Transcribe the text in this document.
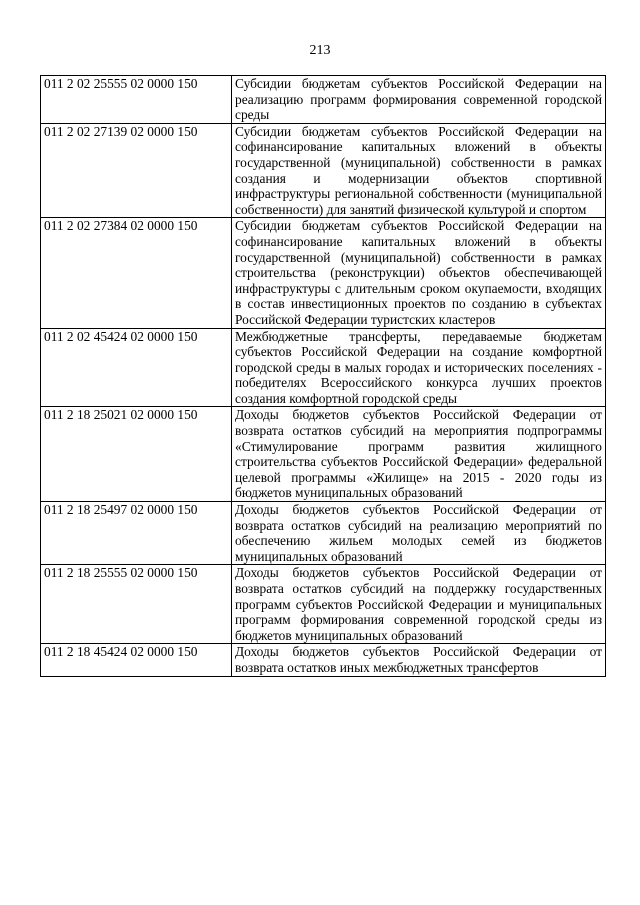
213
011 2 02 25555 02 0000 150	Субсидии бюджетам субъектов Российской Федерации на реализацию программ формирования современной городской среды
011 2 02 27139 02 0000 150	Субсидии бюджетам субъектов Российской Федерации на софинансирование капитальных вложений в объекты государственной (муниципальной) собственности в рамках создания и модернизации объектов спортивной инфраструктуры региональной собственности (муниципальной собственности) для занятий физической культурой и спортом
011 2 02 27384 02 0000 150	Субсидии бюджетам субъектов Российской Федерации на софинансирование капитальных вложений в объекты государственной (муниципальной) собственности в рамках строительства (реконструкции) объектов обеспечивающей инфраструктуры с длительным сроком окупаемости, входящих в состав инвестиционных проектов по созданию в субъектах Российской Федерации туристских кластеров
011 2 02 45424 02 0000 150	Межбюджетные трансферты, передаваемые бюджетам субъектов Российской Федерации на создание комфортной городской среды в малых городах и исторических поселениях - победителях Всероссийского конкурса лучших проектов создания комфортной городской среды
011 2 18 25021 02 0000 150	Доходы бюджетов субъектов Российской Федерации от возврата остатков субсидий на мероприятия подпрограммы «Стимулирование программ развития жилищного строительства субъектов Российской Федерации» федеральной целевой программы «Жилище» на 2015 - 2020 годы из бюджетов муниципальных образований
011 2 18 25497 02 0000 150	Доходы бюджетов субъектов Российской Федерации от возврата остатков субсидий на реализацию мероприятий по обеспечению жильем молодых семей из бюджетов муниципальных образований
011 2 18 25555 02 0000 150	Доходы бюджетов субъектов Российской Федерации от возврата остатков субсидий на поддержку государственных программ субъектов Российской Федерации и муниципальных программ формирования современной городской среды из бюджетов муниципальных образований
011 2 18 45424 02 0000 150	Доходы бюджетов субъектов Российской Федерации от возврата остатков иных межбюджетных трансфертов
